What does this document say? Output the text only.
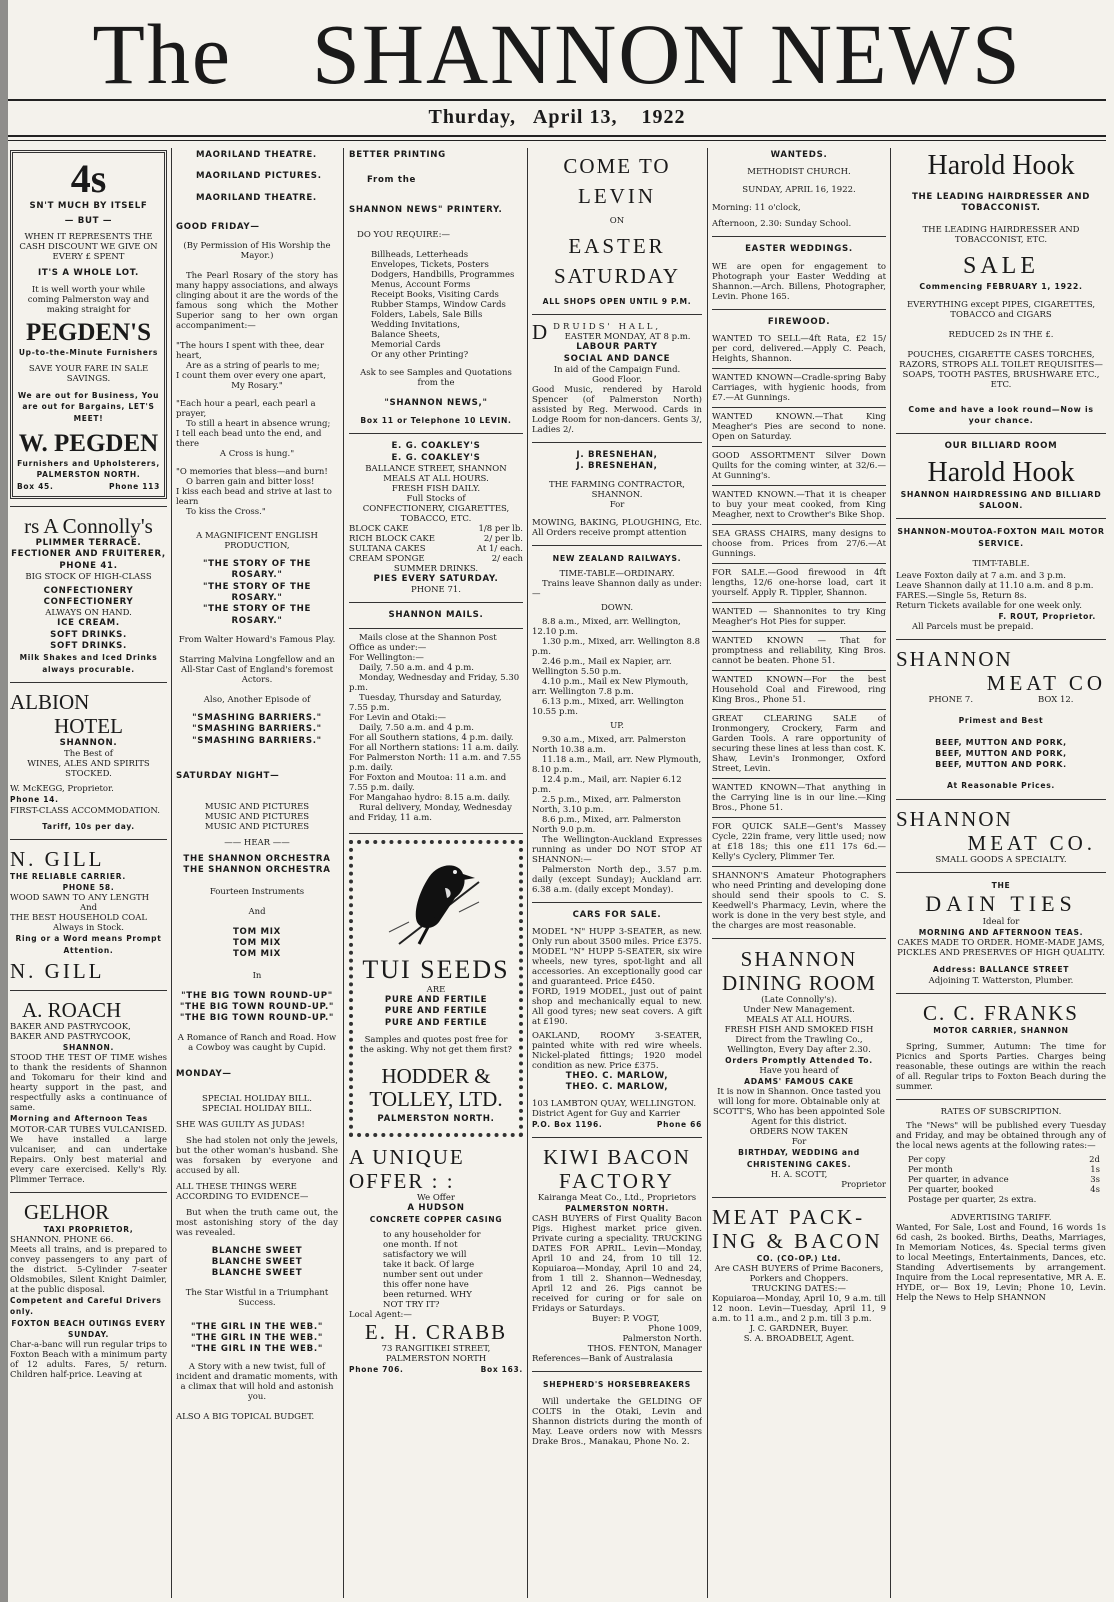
The SHANNON NEWS
Thurday, April 13, 1922
4s
SN'T MUCH BY ITSELF
— BUT —
WHEN IT REPRESENTS THE CASH DISCOUNT WE GIVE ON EVERY £ SPENT
IT'S A WHOLE LOT.
It is well worth your while coming Palmerston way and making straight for
PEGDEN'S
Up-to-the-Minute Furnishers
SAVE YOUR FARE IN SALE SAVINGS.
We are out for Business, You are out for Bargains, LET'S MEET!
W. PEGDEN
Furnishers and Upholsterers, PALMERSTON NORTH.
Box 45.	Phone 113
rs A Connolly's
PLIMMER TERRACE.
FECTIONER AND FRUITERER,
PHONE 41.
BIG STOCK OF HIGH-CLASS
CONFECTIONERY
CONFECTIONERY
ALWAYS ON HAND.
ICE CREAM.
SOFT DRINKS.
SOFT DRINKS.
Milk Shakes and Iced Drinks always procurable.
ALBION
HOTEL
SHANNON.
The Best of
WINES, ALES AND SPIRITS STOCKED.
W. McKEGG, Proprietor.
Phone 14.
FIRST-CLASS ACCOMMODATION.
Tariff, 10s per day.
N. GILL
THE RELIABLE CARRIER.
PHONE 58.
WOOD SAWN TO ANY LENGTH
And
THE BEST HOUSEHOLD COAL
Always in Stock.
Ring or a Word means Prompt Attention.
N. GILL
A. ROACH
BAKER AND PASTRYCOOK,
BAKER AND PASTRYCOOK,
SHANNON.
STOOD THE TEST OF TIME wishes to thank the residents of Shannon and Tokomaru for their kind and hearty support in the past, and respectfully asks a continuance of same.
Morning and Afternoon Teas
MOTOR-CAR TUBES VULCANISED. We have installed a large vulcaniser, and can undertake Repairs. Only best material and every care exercised. Kelly's Rly. Plimmer Terrace.
GELHOR
TAXI PROPRIETOR,
SHANNON. PHONE 66.
Meets all trains, and is prepared to convey passengers to any part of the district. 5-Cylinder 7-seater Oldsmobiles, Silent Knight Daimler, at the public disposal.
Competent and Careful Drivers only.
FOXTON BEACH OUTINGS EVERY SUNDAY.
Char-a-banc will run regular trips to Foxton Beach with a minimum party of 12 adults. Fares, 5/ return. Children half-price. Leaving at
MAORILAND THEATRE.
MAORILAND PICTURES.
MAORILAND THEATRE.
GOOD FRIDAY—
(By Permission of His Worship the Mayor.)
The Pearl Rosary of the story has many happy associations, and always clinging about it are the words of the famous song which the Mother Superior sang to her own organ accompaniment:—
"The hours I spent with thee, dear heart,
Are as a string of pearls to me;
I count them over every one apart,
My Rosary."
"Each hour a pearl, each pearl a prayer,
To still a heart in absence wrung;
I tell each bead unto the end, and there
A Cross is hung."
"O memories that bless—and burn!
O barren gain and bitter loss!
I kiss each bead and strive at last to learn
To kiss the Cross."
A MAGNIFICENT ENGLISH PRODUCTION,
"THE STORY OF THE ROSARY."
"THE STORY OF THE ROSARY."
"THE STORY OF THE ROSARY."
From Walter Howard's Famous Play.
Starring Malvina Longfellow and an All-Star Cast of England's foremost Actors.
Also, Another Episode of
"SMASHING BARRIERS."
"SMASHING BARRIERS."
"SMASHING BARRIERS."
SATURDAY NIGHT—
MUSIC AND PICTURES
MUSIC AND PICTURES
MUSIC AND PICTURES
—— HEAR ——
THE SHANNON ORCHESTRA
THE SHANNON ORCHESTRA
Fourteen Instruments
And
TOM MIX
TOM MIX
TOM MIX
In
"THE BIG TOWN ROUND-UP"
"THE BIG TOWN ROUND-UP."
"THE BIG TOWN ROUND-UP."
A Romance of Ranch and Road. How a Cowboy was caught by Cupid.
MONDAY—
SPECIAL HOLIDAY BILL.
SPECIAL HOLIDAY BILL.
SHE WAS GUILTY AS JUDAS!
She had stolen not only the jewels, but the other woman's husband. She was forsaken by everyone and accused by all.
ALL THESE THINGS WERE ACCORDING TO EVIDENCE—
But when the truth came out, the most astonishing story of the day was revealed.
BLANCHE SWEET
BLANCHE SWEET
BLANCHE SWEET
The Star Wistful in a Triumphant Success.
"THE GIRL IN THE WEB."
"THE GIRL IN THE WEB."
"THE GIRL IN THE WEB."
A Story with a new twist, full of incident and dramatic moments, with a climax that will hold and astonish you.
ALSO A BIG TOPICAL BUDGET.
BETTER PRINTING
From the
SHANNON NEWS" PRINTERY.
DO YOU REQUIRE:—
Billheads, Letterheads
Envelopes, Tickets, Posters
Dodgers, Handbills, Programmes
Menus, Account Forms
Receipt Books, Visiting Cards
Rubber Stamps, Window Cards
Folders, Labels, Sale Bills
Wedding Invitations,
Balance Sheets,
Memorial Cards
Or any other Printing?
Ask to see Samples and Quotations from the
"SHANNON NEWS,"
Box 11 or Telephone 10 LEVIN.
E. G. COAKLEY'S
E. G. COAKLEY'S
BALLANCE STREET, SHANNON
MEALS AT ALL HOURS.
FRESH FISH DAILY.
Full Stocks of
CONFECTIONERY, CIGARETTES, TOBACCO, ETC.
BLOCK CAKE	1/8 per lb.
RICH BLOCK CAKE	2/ per lb.
SULTANA CAKES	At 1/ each.
CREAM SPONGE	2/ each
SUMMER DRINKS.
PIES EVERY SATURDAY.
PHONE 71.
SHANNON MAILS.
Mails close at the Shannon Post Office as under:—
For Wellington:—
Daily, 7.50 a.m. and 4 p.m.
Monday, Wednesday and Friday, 5.30 p.m.
Tuesday, Thursday and Saturday, 7.55 p.m.
For Levin and Otaki:—
Daily, 7.50 a.m. and 4 p.m.
For all Southern stations, 4 p.m. daily.
For all Northern stations: 11 a.m. daily.
For Palmerston North: 11 a.m. and 7.55 p.m. daily.
For Foxton and Moutoa: 11 a.m. and 7.55 p.m. daily.
For Mangahao hydro: 8.15 a.m. daily.
Rural delivery, Monday, Wednesday and Friday, 11 a.m.
TUI SEEDS
ARE
PURE AND FERTILE
PURE AND FERTILE
PURE AND FERTILE
Samples and quotes post free for the asking. Why not get them first?
HODDER & TOLLEY, LTD.
PALMERSTON NORTH.
A UNIQUE OFFER : :
We Offer
A HUDSON
CONCRETE COPPER CASING
to any householder for one month. If not satisfactory we will take it back. Of large number sent out under this offer none have been returned. WHY NOT TRY IT?
Local Agent:—
E. H. CRABB
73 RANGITIKEI STREET, PALMERSTON NORTH
Phone 706.	Box 163.
COME TO
LEVIN
ON
EASTER
SATURDAY
ALL SHOPS OPEN UNTIL 9 P.M.
DDRUIDS' HALL,
EASTER MONDAY, AT 8 p.m.
LABOUR PARTY
SOCIAL AND DANCE
In aid of the Campaign Fund.
Good Floor.
Good Music, rendered by Harold Spencer (of Palmerston North) assisted by Reg. Merwood. Cards in Lodge Room for non-dancers. Gents 3/, Ladies 2/.
J. BRESNEHAN,
J. BRESNEHAN,
THE FARMING CONTRACTOR, SHANNON.
For
MOWING, BAKING, PLOUGHING, Etc. All Orders receive prompt attention
NEW ZEALAND RAILWAYS.
TIME-TABLE—ORDINARY.
Trains leave Shannon daily as under:—
DOWN.
8.8 a.m., Mixed, arr. Wellington, 12.10 p.m.
1.30 p.m., Mixed, arr. Wellington 8.8 p.m.
2.46 p.m., Mail ex Napier, arr. Wellington 5.50 p.m.
4.10 p.m., Mail ex New Plymouth, arr. Wellington 7.8 p.m.
6.13 p.m., Mixed, arr. Wellington 10.55 p.m.
UP.
9.30 a.m., Mixed, arr. Palmerston North 10.38 a.m.
11.18 a.m., Mail, arr. New Plymouth, 8.10 p.m.
12.4 p.m., Mail, arr. Napier 6.12 p.m.
2.5 p.m., Mixed, arr. Palmerston North, 3.10 p.m.
8.6 p.m., Mixed, arr. Palmerston North 9.0 p.m.
The Wellington-Auckland Expresses running as under DO NOT STOP AT SHANNON:—
Palmerston North dep., 3.57 p.m. daily (except Sunday); Auckland arr. 6.38 a.m. (daily except Monday).
CARS FOR SALE.
MODEL "N" HUPP 3-SEATER, as new. Only run about 3500 miles. Price £375.
MODEL "N" HUPP 5-SEATER, six wire wheels, new tyres, spot-light and all accessories. An exceptionally good car and guaranteed. Price £450.
FORD, 1919 MODEL, just out of paint shop and mechanically equal to new. All good tyres; new seat covers. A gift at £190.
OAKLAND, ROOMY 3-SEATER, painted white with red wire wheels. Nickel-plated fittings; 1920 model condition as new. Price £375.
THEO. C. MARLOW,
THEO. C. MARLOW,
103 LAMBTON QUAY, WELLINGTON. District Agent for Guy and Karrier
P.O. Box 1196.	Phone 66
KIWI BACON
FACTORY
Kairanga Meat Co., Ltd., Proprietors
PALMERSTON NORTH.
CASH BUYERS of First Quality Bacon Pigs. Highest market price given. Private curing a speciality. TRUCKING DATES FOR APRIL. Levin—Monday, April 10 and 24, from 10 till 12. Kopuiaroa—Monday, April 10 and 24, from 1 till 2. Shannon—Wednesday, April 12 and 26. Pigs cannot be received for curing or for sale on Fridays or Saturdays.
Buyer: P. VOGT,
Phone 1009,
Palmerston North.
THOS. FENTON, Manager
References—Bank of Australasia
SHEPHERD'S HORSEBREAKERS
Will undertake the GELDING OF COLTS in the Otaki, Levin and Shannon districts during the month of May. Leave orders now with Messrs Drake Bros., Manakau, Phone No. 2.
WANTEDS.
METHODIST CHURCH.
SUNDAY, APRIL 16, 1922.
Morning: 11 o'clock,
Afternoon, 2.30: Sunday School.
EASTER WEDDINGS.
WE are open for engagement to Photograph your Easter Wedding at Shannon.—Arch. Billens, Photographer, Levin. Phone 165.
FIREWOOD.
WANTED TO SELL—4ft Rata, £2 15/ per cord, delivered.—Apply C. Peach, Heights, Shannon.
WANTED KNOWN—Cradle-spring Baby Carriages, with hygienic hoods, from £7.—At Gunnings.
WANTED KNOWN.—That King Meagher's Pies are second to none. Open on Saturday.
GOOD ASSORTMENT Silver Down Quilts for the coming winter, at 32/6.—At Gunning's.
WANTED KNOWN.—That it is cheaper to buy your meat cooked, from King Meagher, next to Crowther's Bike Shop.
SEA GRASS CHAIRS, many designs to choose from. Prices from 27/6.—At Gunnings.
FOR SALE.—Good firewood in 4ft lengths, 12/6 one-horse load, cart it yourself. Apply R. Tippler, Shannon.
WANTED — Shannonites to try King Meagher's Hot Pies for supper.
WANTED KNOWN — That for promptness and reliability, King Bros. cannot be beaten. Phone 51.
WANTED KNOWN—For the best Household Coal and Firewood, ring King Bros., Phone 51.
GREAT CLEARING SALE of Ironmongery, Crockery, Farm and Garden Tools. A rare opportunity of securing these lines at less than cost. K. Shaw, Levin's Ironmonger, Oxford Street, Levin.
WANTED KNOWN—That anything in the Carrying line is in our line.—King Bros., Phone 51.
FOR QUICK SALE—Gent's Massey Cycle, 22in frame, very little used; now at £18 18s; this one £11 17s 6d.—Kelly's Cyclery, Plimmer Ter.
SHANNON'S Amateur Photographers who need Printing and developing done should send their spools to C. S. Keedwell's Pharmacy, Levin, where the work is done in the very best style, and the charges are most reasonable.
SHANNON
DINING ROOM
(Late Connolly's).
Under New Management.
MEALS AT ALL HOURS.
FRESH FISH AND SMOKED FISH
Direct from the Trawling Co., Wellington, Every Day after 2.30.
Orders Promptly Attended To.
Have you heard of
ADAMS' FAMOUS CAKE
It is now in Shannon. Once tasted you will long for more. Obtainable only at SCOTT'S, Who has been appointed Sole Agent for this district.
ORDERS NOW TAKEN
For
BIRTHDAY, WEDDING and CHRISTENING CAKES.
H. A. SCOTT,
Proprietor
MEAT PACK-
ING & BACON
CO. (CO-OP.) Ltd.
Are CASH BUYERS of Prime Baconers, Porkers and Choppers.
TRUCKING DATES:—
Kopuiaroa—Monday, April 10, 9 a.m. till 12 noon. Levin—Tuesday, April 11, 9 a.m. to 11 a.m., and 2 p.m. till 3 p.m.
J. C. GARDNER, Buyer.
S. A. BROADBELT, Agent.
Harold Hook
THE LEADING HAIRDRESSER AND TOBACCONIST.
THE LEADING HAIRDRESSER AND TOBACCONIST, ETC.
SALE
Commencing FEBRUARY 1, 1922.
EVERYTHING except PIPES, CIGARETTES, TOBACCO and CIGARS
REDUCED 2s IN THE £.
POUCHES, CIGARETTE CASES TORCHES, RAZORS, STROPS ALL TOILET REQUISITES— SOAPS, TOOTH PASTES, BRUSHWARE ETC., ETC.
Come and have a look round—Now is your chance.
OUR BILLIARD ROOM
Harold Hook
SHANNON HAIRDRESSING AND BILLIARD SALOON.
SHANNON-MOUTOA-FOXTON MAIL MOTOR SERVICE.
TIMT-TABLE.
Leave Foxton daily at 7 a.m. and 3 p.m.
Leave Shannon daily at 11.10 a.m. and 8 p.m.
FARES.—Single 5s, Return 8s.
Return Tickets available for one week only.
F. ROUT, Proprietor.
All Parcels must be prepaid.
SHANNON
MEAT CO
PHONE 7.	BOX 12.
Primest and Best
BEEF, MUTTON AND PORK,
BEEF, MUTTON AND PORK,
BEEF, MUTTON AND PORK.
At Reasonable Prices.
SHANNON
MEAT CO.
SMALL GOODS A SPECIALTY.
THE
DAIN TIES
Ideal for
MORNING AND AFTERNOON TEAS.
CAKES MADE TO ORDER. HOME-MADE JAMS, PICKLES AND PRESERVES OF HIGH QUALITY.
Address: BALLANCE STREET
Adjoining T. Watterston, Plumber.
C. C. FRANKS
MOTOR CARRIER, SHANNON
Spring, Summer, Autumn: The time for Picnics and Sports Parties. Charges being reasonable, these outings are within the reach of all. Regular trips to Foxton Beach during the summer.
RATES OF SUBSCRIPTION.
The "News" will be published every Tuesday and Friday, and may be obtained through any of the local news agents at the following rates:—
Per copy	2d
Per month	1s
Per quarter, in advance	3s
Per quarter, booked	4s
Postage per quarter, 2s extra.
ADVERTISING TARIFF.
Wanted, For Sale, Lost and Found, 16 words 1s 6d cash, 2s booked. Births, Deaths, Marriages, In Memoriam Notices, 4s. Special terms given to local Meetings, Entertainments, Dances, etc. Standing Advertisements by arrangement. Inquire from the Local representative, MR A. E. HYDE, or— Box 19, Levin; Phone 10, Levin. Help the News to Help SHANNON
